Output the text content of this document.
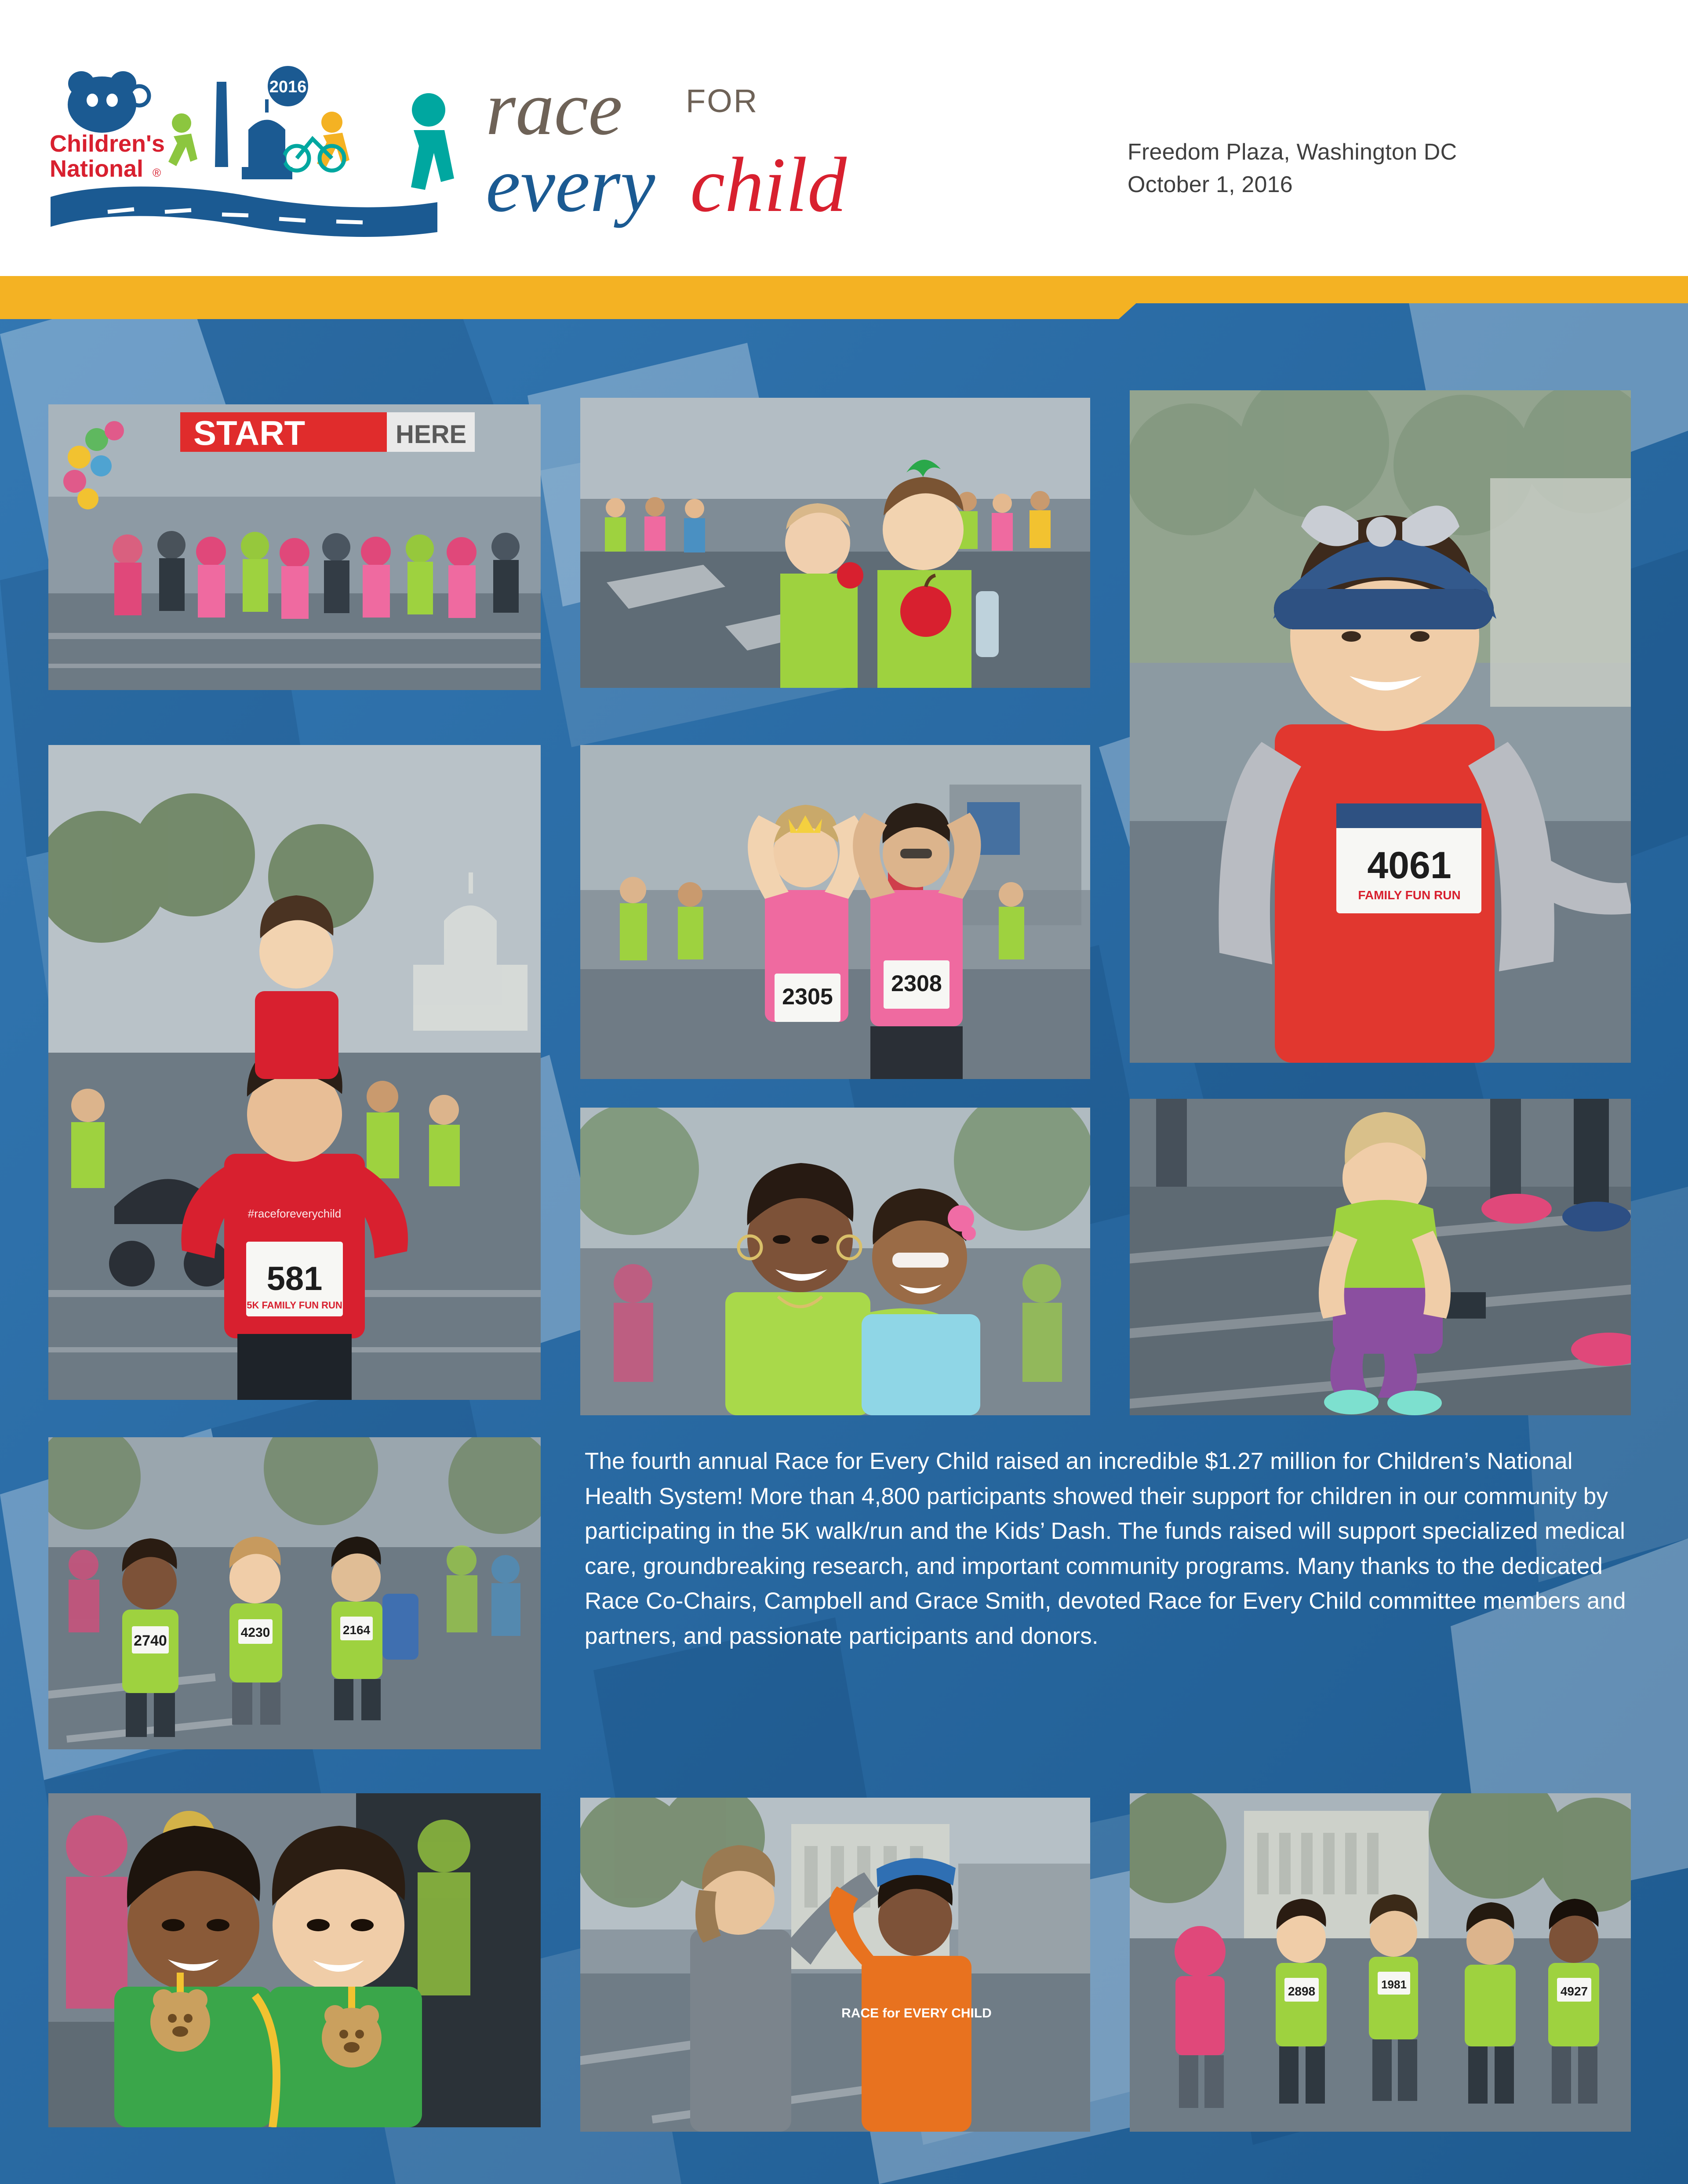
Children's
National ®
2016 race FOR
every child	Freedom Plaza, Washington DC
October 1, 2016
START	HERE
4061
FAMILY FUN RUN
581
5K FAMILY FUN RUN
#raceforeverychild
2305
2308
2740	4230	2164
RACE for EVERY CHILD
2898	1981	4927
The fourth annual Race for Every Child raised an incredible $1.27 million for Children’s National Health System! More than 4,800 participants showed their support for children in our community by participating in the 5K walk/run and the Kids’ Dash. The funds raised will support specialized medical care, groundbreaking research, and important community programs. Many thanks to the dedicated Race Co-Chairs, Campbell and Grace Smith, devoted Race for Every Child committee members and partners, and passionate participants and donors.
